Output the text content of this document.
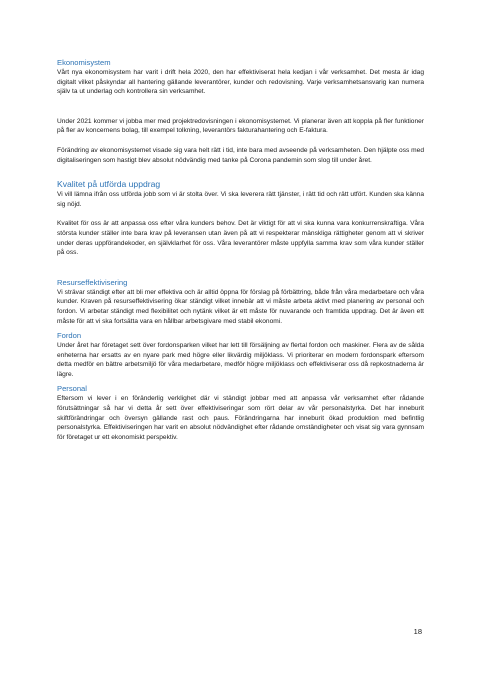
Ekonomisystem

Vårt nya ekonomisystem har varit i drift hela 2020, den har effektiviserat hela kedjan i vår verksamhet. Det mesta är idag digitalt vilket påskyndar all hantering gällande leverantörer, kunder och redovisning. Varje verksamhetsansvarig kan numera själv ta ut underlag och kontrollera sin verksamhet.

Under 2021 kommer vi jobba mer med projektredovisningen i ekonomisystemet. Vi planerar även att koppla på fler funktioner på fler av koncernens bolag, till exempel tolkning, leverantörs fakturahantering och E-faktura.

Förändring av ekonomisystemet visade sig vara helt rätt i tid, inte bara med avseende på verksamheten. Den hjälpte oss med digitaliseringen som hastigt blev absolut nödvändig med tanke på Corona pandemin som slog till under året.

Kvalitet på utförda uppdrag

Vi vill lämna ifrån oss utförda jobb som vi är stolta över. Vi ska leverera rätt tjänster, i rätt tid och rätt utfört. Kunden ska känna sig nöjd.

Kvalitet för oss är att anpassa oss efter våra kunders behov. Det är viktigt för att vi ska kunna vara konkurrenskraftiga. Våra största kunder ställer inte bara krav på leveransen utan även på att vi respekterar mänskliga rättigheter genom att vi skriver under deras uppförandekoder, en självklarhet för oss. Våra leverantörer måste uppfylla samma krav som våra kunder ställer på oss.

Resurseffektivisering

Vi strävar ständigt efter att bli mer effektiva och är alltid öppna för förslag på förbättring, både från våra medarbetare och våra kunder. Kraven på resurseffektivisering ökar ständigt vilket innebär att vi måste arbeta aktivt med planering av personal och fordon. Vi arbetar ständigt med flexibilitet och nytänk vilket är ett måste för nuvarande och framtida uppdrag. Det är även ett måste för att vi ska fortsätta vara en hållbar arbetsgivare med stabil ekonomi.

Fordon

Under året har företaget sett över fordonsparken vilket har lett till försäljning av flertal fordon och maskiner. Flera av de sålda enheterna har ersatts av en nyare park med högre eller likvärdig miljöklass. Vi prioriterar en modern fordonspark eftersom detta medför en bättre arbetsmiljö för våra medarbetare, medför högre miljöklass och effektiviserar oss då repkostnaderna är lägre.

Personal

Eftersom vi lever i en föränderlig verklighet där vi ständigt jobbar med att anpassa vår verksamhet efter rådande förutsättningar så har vi detta år sett över effektiviseringar som rört delar av vår personalstyrka. Det har inneburit skiftförändringar och översyn gällande rast och paus. Förändringarna har inneburit ökad produktion med befintlig personalstyrka. Effektiviseringen har varit en absolut nödvändighet efter rådande omständigheter och visat sig vara gynnsam för företaget ur ett ekonomiskt perspektiv.

18
